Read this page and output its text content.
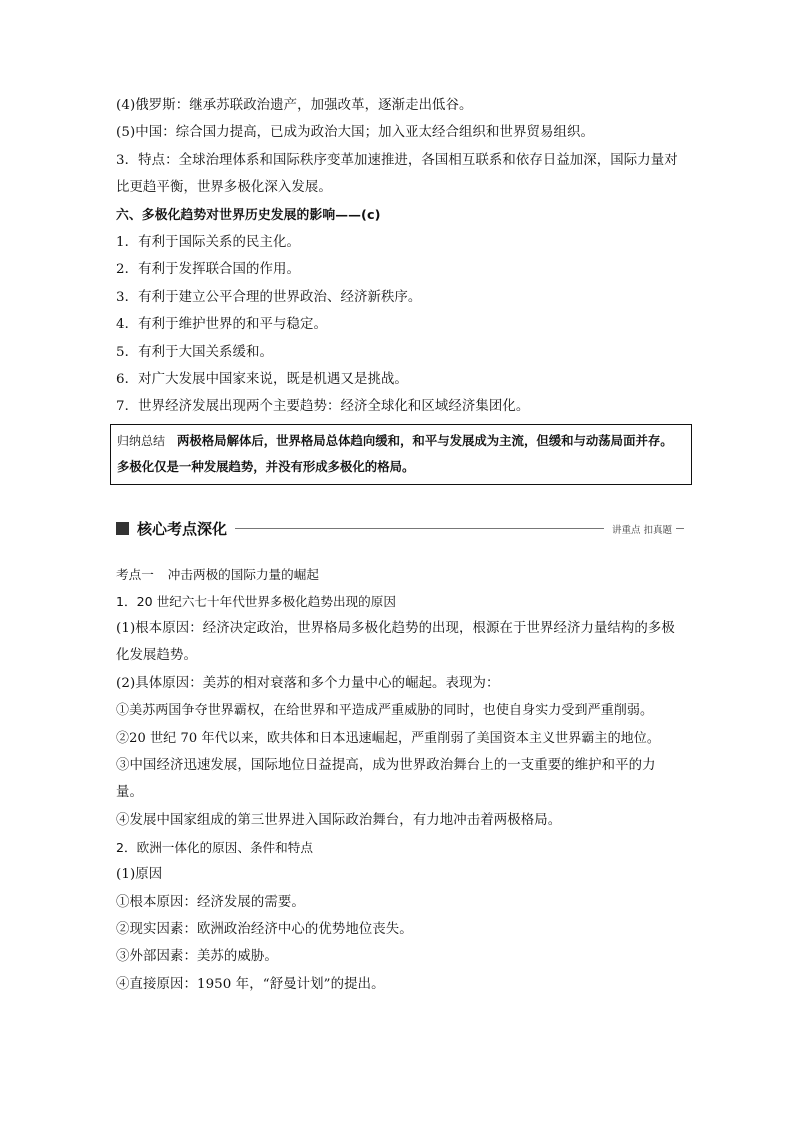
(4)俄罗斯：继承苏联政治遗产，加强改革，逐渐走出低谷。
(5)中国：综合国力提高，已成为政治大国；加入亚太经合组织和世界贸易组织。
3．特点：全球治理体系和国际秩序变革加速推进，各国相互联系和依存日益加深，国际力量对比更趋平衡，世界多极化深入发展。
六、多极化趋势对世界历史发展的影响——(c)
1．有利于国际关系的民主化。
2．有利于发挥联合国的作用。
3．有利于建立公平合理的世界政治、经济新秩序。
4．有利于维护世界的和平与稳定。
5．有利于大国关系缓和。
6．对广大发展中国家来说，既是机遇又是挑战。
7．世界经济发展出现两个主要趋势：经济全球化和区域经济集团化。
归纳总结 两极格局解体后，世界格局总体趋向缓和，和平与发展成为主流，但缓和与动荡局面并存。多极化仅是一种发展趋势，并没有形成多极化的格局。
核心考点深化	讲重点 扣真题
考点一 冲击两极的国际力量的崛起
1．20 世纪六七十年代世界多极化趋势出现的原因
(1)根本原因：经济决定政治，世界格局多极化趋势的出现，根源在于世界经济力量结构的多极化发展趋势。
(2)具体原因：美苏的相对衰落和多个力量中心的崛起。表现为：
①美苏两国争夺世界霸权，在给世界和平造成严重威胁的同时，也使自身实力受到严重削弱。
②20 世纪 70 年代以来，欧共体和日本迅速崛起，严重削弱了美国资本主义世界霸主的地位。
③中国经济迅速发展，国际地位日益提高，成为世界政治舞台上的一支重要的维护和平的力量。
④发展中国家组成的第三世界进入国际政治舞台，有力地冲击着两极格局。
2．欧洲一体化的原因、条件和特点
(1)原因
①根本原因：经济发展的需要。
②现实因素：欧洲政治经济中心的优势地位丧失。
③外部因素：美苏的威胁。
④直接原因：1950 年，“舒曼计划”的提出。
